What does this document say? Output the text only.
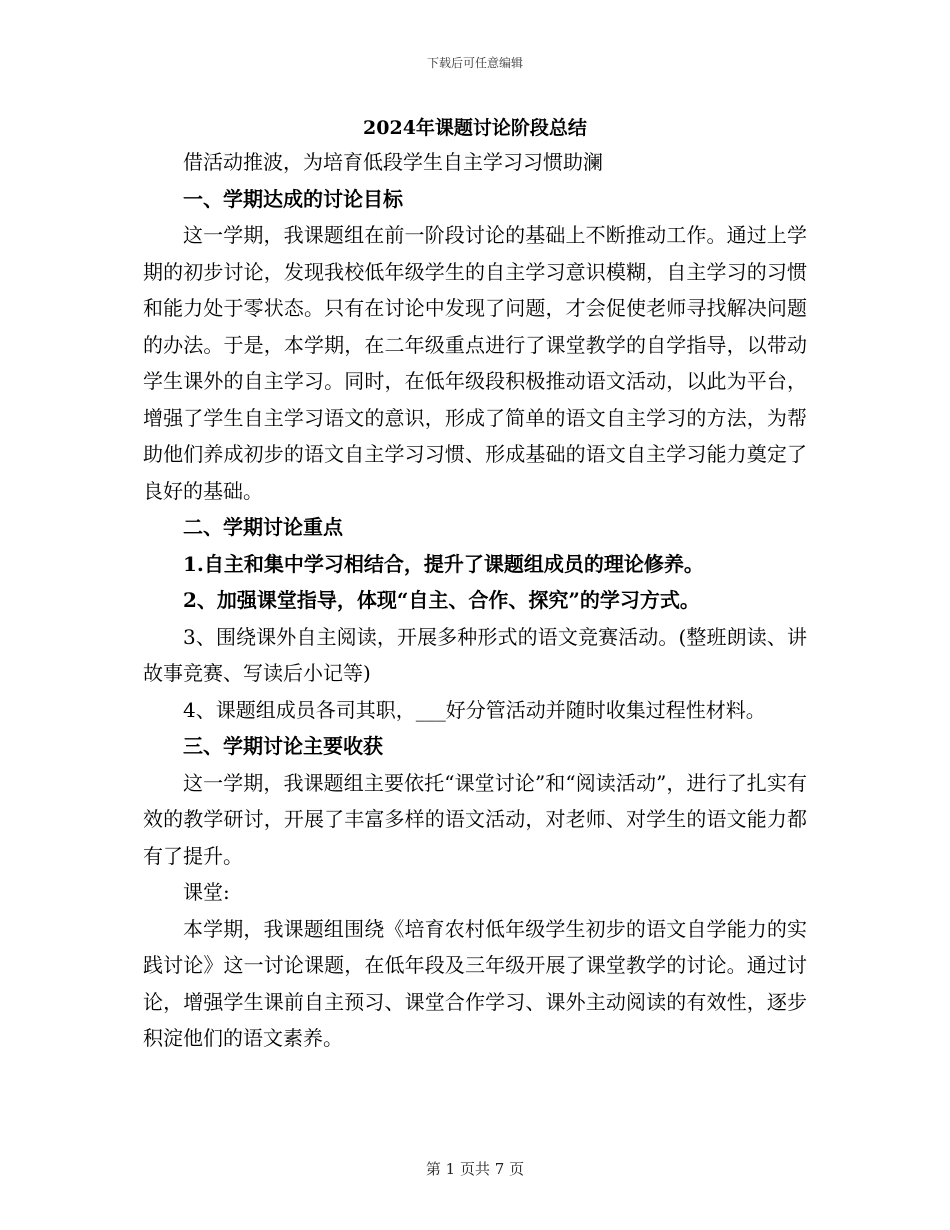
下载后可任意编辑

2024年课题讨论阶段总结

借活动推波，为培育低段学生自主学习习惯助澜

一、学期达成的讨论目标

这一学期，我课题组在前一阶段讨论的基础上不断推动工作。通过上学期的初步讨论，发现我校低年级学生的自主学习意识模糊，自主学习的习惯和能力处于零状态。只有在讨论中发现了问题，才会促使老师寻找解决问题的办法。于是，本学期，在二年级重点进行了课堂教学的自学指导，以带动学生课外的自主学习。同时，在低年级段积极推动语文活动，以此为平台，增强了学生自主学习语文的意识，形成了简单的语文自主学习的方法，为帮助他们养成初步的语文自主学习习惯、形成基础的语文自主学习能力奠定了良好的基础。

二、学期讨论重点

1.自主和集中学习相结合，提升了课题组成员的理论修养。

2、加强课堂指导，体现“自主、合作、探究”的学习方式。

3、围绕课外自主阅读，开展多种形式的语文竞赛活动。(整班朗读、讲故事竞赛、写读后小记等)

4、课题组成员各司其职，___好分管活动并随时收集过程性材料。

三、学期讨论主要收获

这一学期，我课题组主要依托“课堂讨论”和“阅读活动”，进行了扎实有效的教学研讨，开展了丰富多样的语文活动，对老师、对学生的语文能力都有了提升。

课堂:

本学期，我课题组围绕《培育农村低年级学生初步的语文自学能力的实践讨论》这一讨论课题，在低年段及三年级开展了课堂教学的讨论。通过讨论，增强学生课前自主预习、课堂合作学习、课外主动阅读的有效性，逐步积淀他们的语文素养。

第 1 页共 7 页
